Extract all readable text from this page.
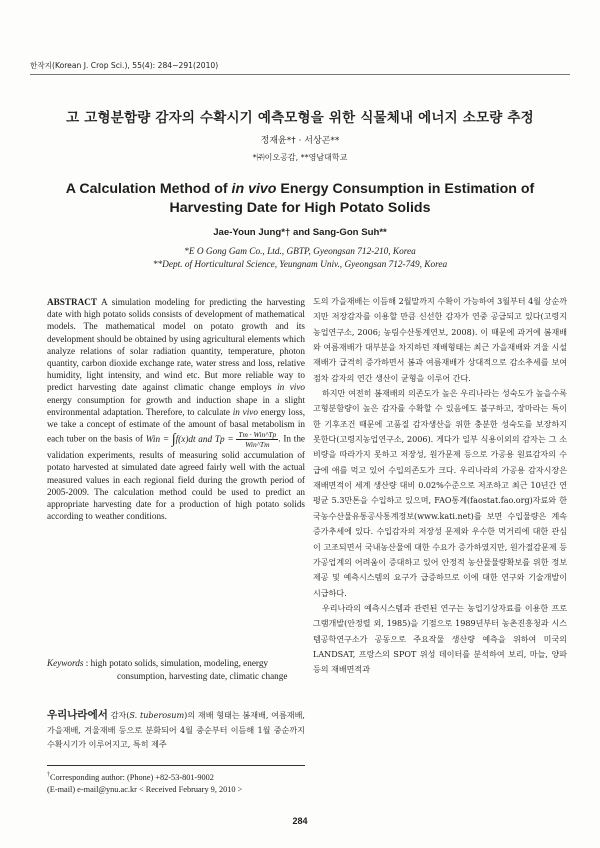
한작지(Korean J. Crop Sci.), 55(4): 284~291(2010)
고 고형분함량 감자의 수확시기 예측모형을 위한 식물체내 에너지 소모량 추정
정재윤*† · 서상곤**
*㈜이오공감, **영남대학교
A Calculation Method of in vivo Energy Consumption in Estimation of
Harvesting Date for High Potato Solids
Jae-Youn Jung*† and Sang-Gon Suh**
*E O Gong Gam Co., Ltd., GBTP, Gyeongsan 712-210, Korea
**Dept. of Horticultural Science, Yeungnam Univ., Gyeongsan 712-749, Korea
ABSTRACT A simulation modeling for predicting the harvesting date with high potato solids consists of development of mathematical models. The mathematical model on potato growth and its development should be obtained by using agricultural elements which analyze relations of solar radiation quantity, temperature, photon quantity, carbon dioxide exchange rate, water stress and loss, relative humidity, light intensity, and wind etc. But more reliable way to predict harvesting date against climatic change employs in vivo energy consumption for growth and induction shape in a slight environmental adaptation. Therefore, to calculate in vivo energy loss, we take a concept of estimate of the amount of basal metabolism in each tuber on the basis of Win = ∫f(x)dt and $Tp = \frac{\text{Tm · Win\textasciicircum{}Tp}}{\text{Win\textasciicircum{}Tm}}$ . In the validation experiments, results of measuring solid accumulation of potato harvested at simulated date agreed fairly well with the actual measured values in each regional field during the growth period of 2005-2009. The calculation method could be used to predict an appropriate harvesting date for a production of high potato solids according to weather conditions.
Keywords : high potato solids, simulation, modeling, energy
consumption, harvesting date, climatic change
우리나라에서 감자(S. tuberosum)의 재배 형태는 봄재배, 여름재배, 가을재배, 겨울재배 등으로 분화되어 4월 중순부터 이듬해 1월 중순까지 수확시기가 이루어지고, 특히 제주
†Corresponding author: (Phone) +82-53-801-9002
(E-mail) e-mail@ynu.ac.kr < Received February 9, 2010 >

도의 가을재배는 이듬해 2월말까지 수확이 가능하여 3월부터 4월 상순까지만 저장감자를 이용할 만큼 신선한 감자가 연중 공급되고 있다(고령지농업연구소, 2006; 농림수산통계연보, 2008). 이 때문에 과거에 봄재배와 여름재배가 대부분을 차지하던 재배형태는 최근 가을재배와 겨울 시설재배가 급격히 증가하면서 봄과 여름재배가 상대적으로 감소추세를 보여 점차 감자의 연간 생산이 균형을 이루어 간다.

하지만 여전히 봄재배의 의존도가 높은 우리나라는 성숙도가 높을수록 고형분함량이 높은 감자를 수확할 수 있음에도 불구하고, 장마라는 특이한 기후조건 때문에 고품질 감자생산을 위한 충분한 성숙도를 보장하지 못한다(고령지농업연구소, 2006). 게다가 일부 식용이외의 감자는 그 소비량을 따라가지 못하고 저장성, 원가문제 등으로 가공용 원료감자의 수급에 애를 먹고 있어 수입의존도가 크다. 우리나라의 가공용 감자시장은 재배면적이 세계 생산량 대비 0.02%수준으로 저조하고 최근 10년간 연 평균 5.3만톤을 수입하고 있으며, FAO통계(faostat.fao.org)자료와 한국농수산물유통공사통계정보(www.kati.net)를 보면 수입물량은 계속 증가추세에 있다. 수입감자의 저장성 문제와 우수한 먹거리에 대한 관심이 고조되면서 국내농산물에 대한 수요가 증가하였지만, 원가절감문제 등 가공업계의 어려움이 증대하고 있어 안정적 농산물물량확보를 위한 정보제공 및 예측시스템의 요구가 급증하므로 이에 대한 연구와 기술개발이 시급하다.

우리나라의 예측시스템과 관련된 연구는 농업기상자료를 이용한 프로그램개발(안정렬 외, 1985)을 기점으로 1989년부터 농촌진흥청과 시스템공학연구소가 공동으로 주요작물 생산량 예측을 위하여 미국의 LANDSAT, 프랑스의 SPOT 위성 데이터를 분석하여 보리, 마늘, 양파 등의 재배면적과

284
